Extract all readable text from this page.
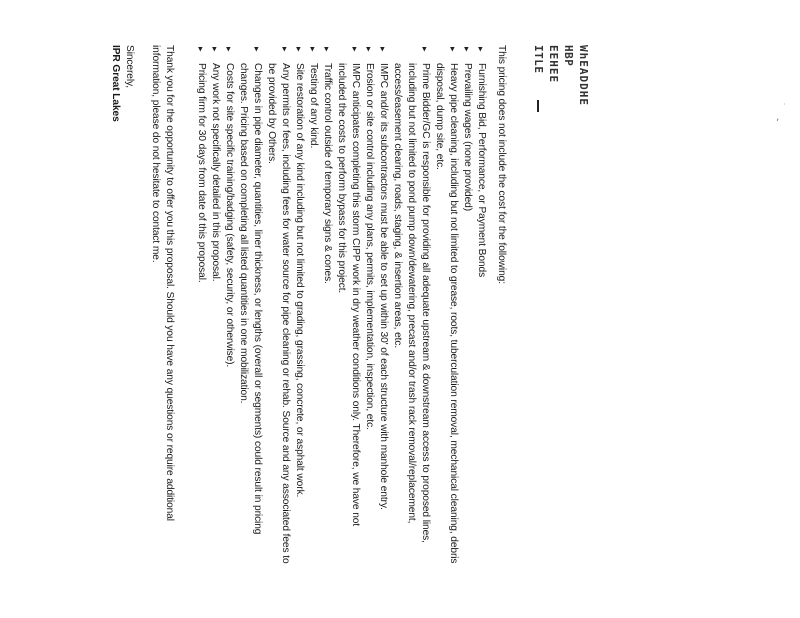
WhEADDHE
HBP
EEHEE
ITLE
This pricing does not include the cost for the following:
▸ Furnishing Bid, Performance, or Payment Bonds
▸ Prevailing wages (none provided)
▸ Heavy pipe cleaning, including but not limited to grease, roots, tuberculation removal, mechanical cleaning, debris disposal, dump site, etc.
▸ Prime Bidder/GC is responsible for providing all adequate upstream & downstream access to proposed lines, including but not limited to pond pump down/dewatering, precast and/or trash rack removal/replacement, access/easement clearing, roads, staging, & insertion areas, etc.
▸ IMPC and/or its subcontractors must be able to set up within 30' of each structure with manhole entry.
▸ Erosion or site control including any plans, permits, implementation, inspection, etc.
▸ IMPC anticipates completing this storm CIPP work in dry weather conditions only. Therefore, we have not included the costs to perform bypass for this project.
▸ Traffic control outside of temporary signs & cones.
▸ Testing of any kind.
▸ Site restoration of any kind including but not limited to grading, grassing, concrete, or asphalt work.
▸ Any permits or fees, including fees for water source for pipe cleaning or rehab. Source and any associated fees to be provided by Others.
▸ Changes in pipe diameter, quantities, liner thickness, or lengths (overall or segments) could result in pricing changes. Pricing based on completing all listed quantities in one mobilization.
▸ Costs for site specific training/badging (safety, security, or otherwise).
▸ Any work not specifically detailed in this proposal.
▸ Pricing firm for 30 days from date of this proposal.
Thank you for the opportunity to offer you this proposal. Should you have any questions or require additional information, please do not hesitate to contact me.
Sincerely,
IPR Great Lakes	‚
·
